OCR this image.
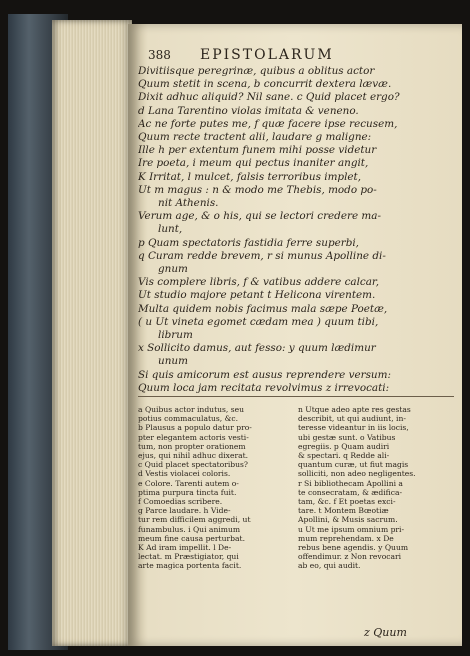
388 EPISTOLARUM
Divitiisque peregrinæ, quibus a oblitus actor
Quum stetit in scena, b concurrit dextera lævæ.
Dixit adhuc aliquid? Nil sane. c Quid placet ergo?
d Lana Tarentino violas imitata & veneno.
Ac ne forte putes me, f quæ facere ipse recusem,
Quum recte tractent alii, laudare g maligne:
Ille h per extentum funem mihi posse videtur
Ire poeta, i meum qui pectus inaniter angit,
K Irritat, l mulcet, falsis terroribus implet,
Ut m magus : n & modo me Thebis, modo po-
nit Athenis.
Verum age, & o his, qui se lectori credere ma-
lunt,
p Quam spectatoris fastidia ferre superbi,
q Curam redde brevem, r si munus Apolline di-
gnum
Vis complere libris, f & vatibus addere calcar,
Ut studio majore petant t Helicona virentem.
Multa quidem nobis facimus mala sæpe Poetæ,
( u Ut vineta egomet cædam mea ) quum tibi,
librum
x Sollicito damus, aut fesso: y quum lædimur
unum
Si quis amicorum est ausus reprendere versum:
Quum loca jam recitata revolvimus z irrevocati:
a Quibus actor indutus, seu
potius commaculatus, &c.
b Plausus a populo datur pro-
pter elegantem actoris vesti-
tum, non propter orationem
ejus, qui nihil adhuc dixerat.
c Quid placet spectatoribus?
d Vestis violacei coloris.
e Colore. Tarenti autem o-
ptima purpura tincta fuit.
f Comoedias scribere.
g Parce laudare. h Vide-
tur rem difficilem aggredi, ut
funambulus. i Qui animum
meum fine causa perturbat.
K Ad iram impellit. l De-
lectat. m Præstigiator, qui
arte magica portenta facit.
n Utque adeo apte res gestas
describit, ut qui audiunt, in-
teresse videantur in iis locis,
ubi gestæ sunt. o Vatibus
egregiis. p Quam audiri
& spectari. q Redde ali-
quantum curæ, ut fiut magis
solliciti, non adeo negligentes.
r Si bibliothecam Apollini a
te consecratam, & ædifica-
tam, &c. f Et poetas exci-
tare. t Montem Bœotiæ
Apollini, & Musis sacrum.
u Ut me ipsum omnium pri-
mum reprehendam. x De
rebus bene agendis. y Quum
offendimur. z Non revocari
ab eo, qui audit.
z Quum
